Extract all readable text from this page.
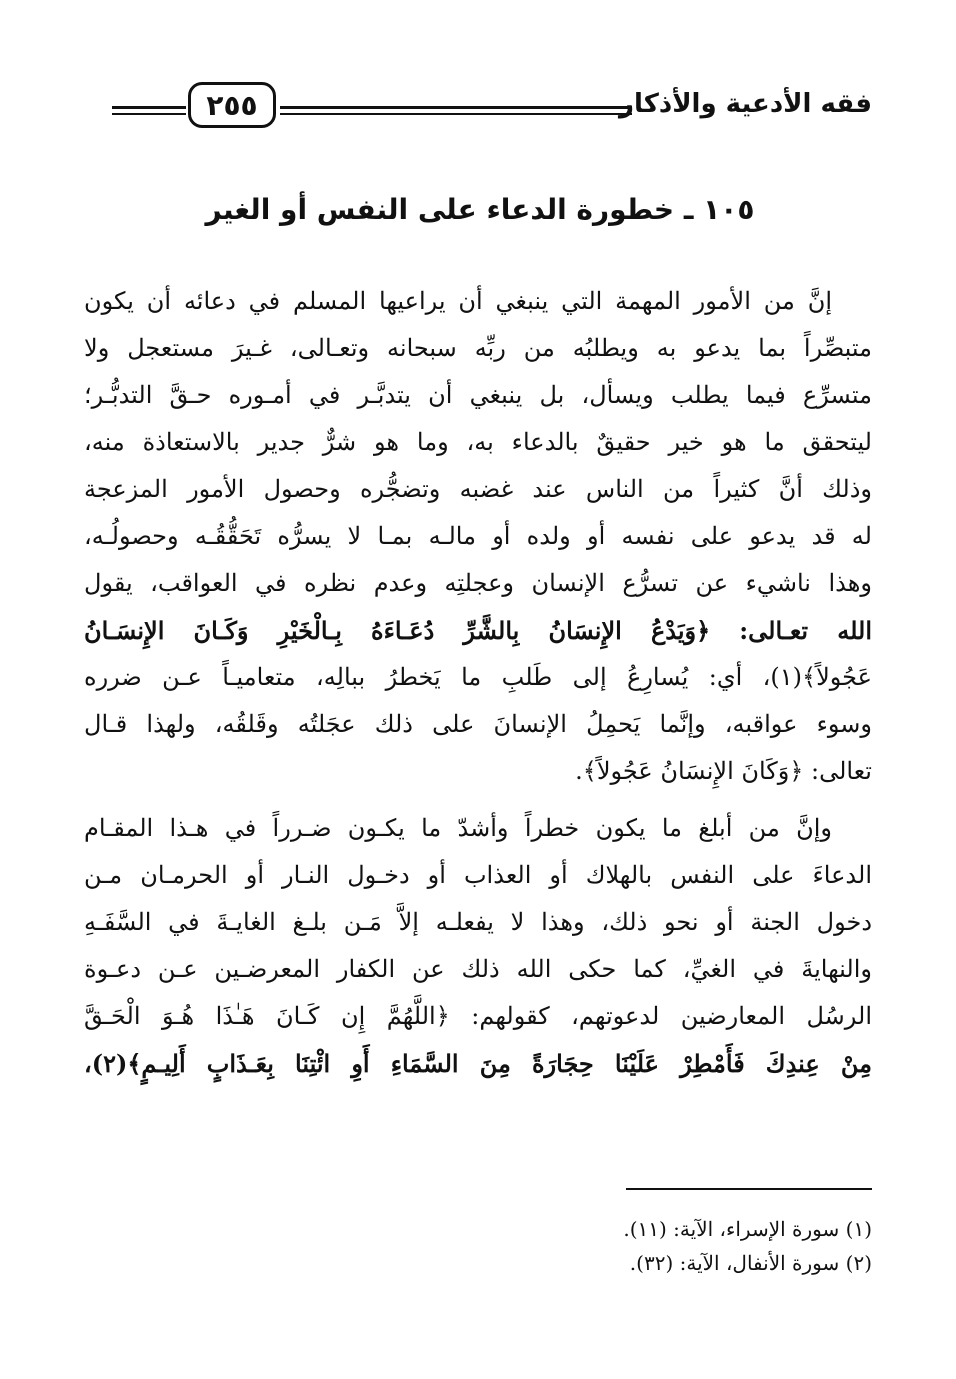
فقه الأدعية والأذكار
٢٥٥
١٠٥ ـ خطورة الدعاء على النفس أو الغير
إنَّ من الأمور المهمة التي ينبغي أن يراعيها المسلم في دعائه أن يكون
متبصِّراً بما يدعو به ويطلبُه من ربِّه سبحانه وتعـالى، غـيرَ مستعجل ولا
متسرِّع فيما يطلب ويسأل، بل ينبغي أن يتدبَّـر في أمـوره حـقَّ التدبُّـر؛
ليتحقق ما هو خير حقيقٌ بالدعاء به، وما هو شرٌّ جدير بالاستعاذة منه،
وذلك أنَّ كثيراً من الناس عند غضبه وتضجُّره وحصول الأمور المزعجة
له قد يدعو على نفسه أو ولده أو مالـه بمـا لا يسرُّه تَحَقُّقُـه وحصولُـه،
وهذا ناشيء عن تسرُّع الإنسان وعجلتِه وعدم نظره في العواقب، يقول
الله تعـالى: ﴿وَيَدْعُ الإِنسَانُ بِالشَّرِّ دُعَـاءَهُ بِـالْخَيْرِ وَكَـانَ الإِنسَـانُ
عَجُولاً﴾(١)، أي: يُسارِعُ إلى طَلبِ ما يَخطرُ ببالِه، متعاميـاً عـن ضرره
وسوء عواقبه، وإنَّما يَحمِلُ الإنسانَ على ذلك عجَلتُه وقَلقُه، ولهذا قـال
تعالى: ﴿وَكَانَ الإِنسَانُ عَجُولاً﴾.
وإنَّ من أبلغ ما يكون خطراً وأشدّ ما يكـون ضـرراً في هـذا المقـام
الدعاءَ على النفس بالهلاك أو العذاب أو دخـول النـار أو الحرمـان مـن
دخول الجنة أو نحو ذلك، وهذا لا يفعلـه إلاَّ مَـن بلـغ الغايـةَ في السَّفَـهِ
والنهايةَ في الغيِّ، كما حكى الله ذلك عن الكفار المعرضـين عـن دعـوة
الرسُل المعارضين لدعوتهم، كقولهم: ﴿اللَّهُمَّ إِن كَـانَ هَـٰذَا هُـوَ الْحَـقَّ
مِنْ عِندِكَ فَأَمْطِرْ عَلَيْنَا حِجَارَةً مِنَ السَّمَاءِ أَوِ ائْتِنَا بِعَـذَابٍ أَلِيـمٍ﴾(٢)،
(١) سورة الإسراء، الآية: (١١).
(٢) سورة الأنفال، الآية: (٣٢).
